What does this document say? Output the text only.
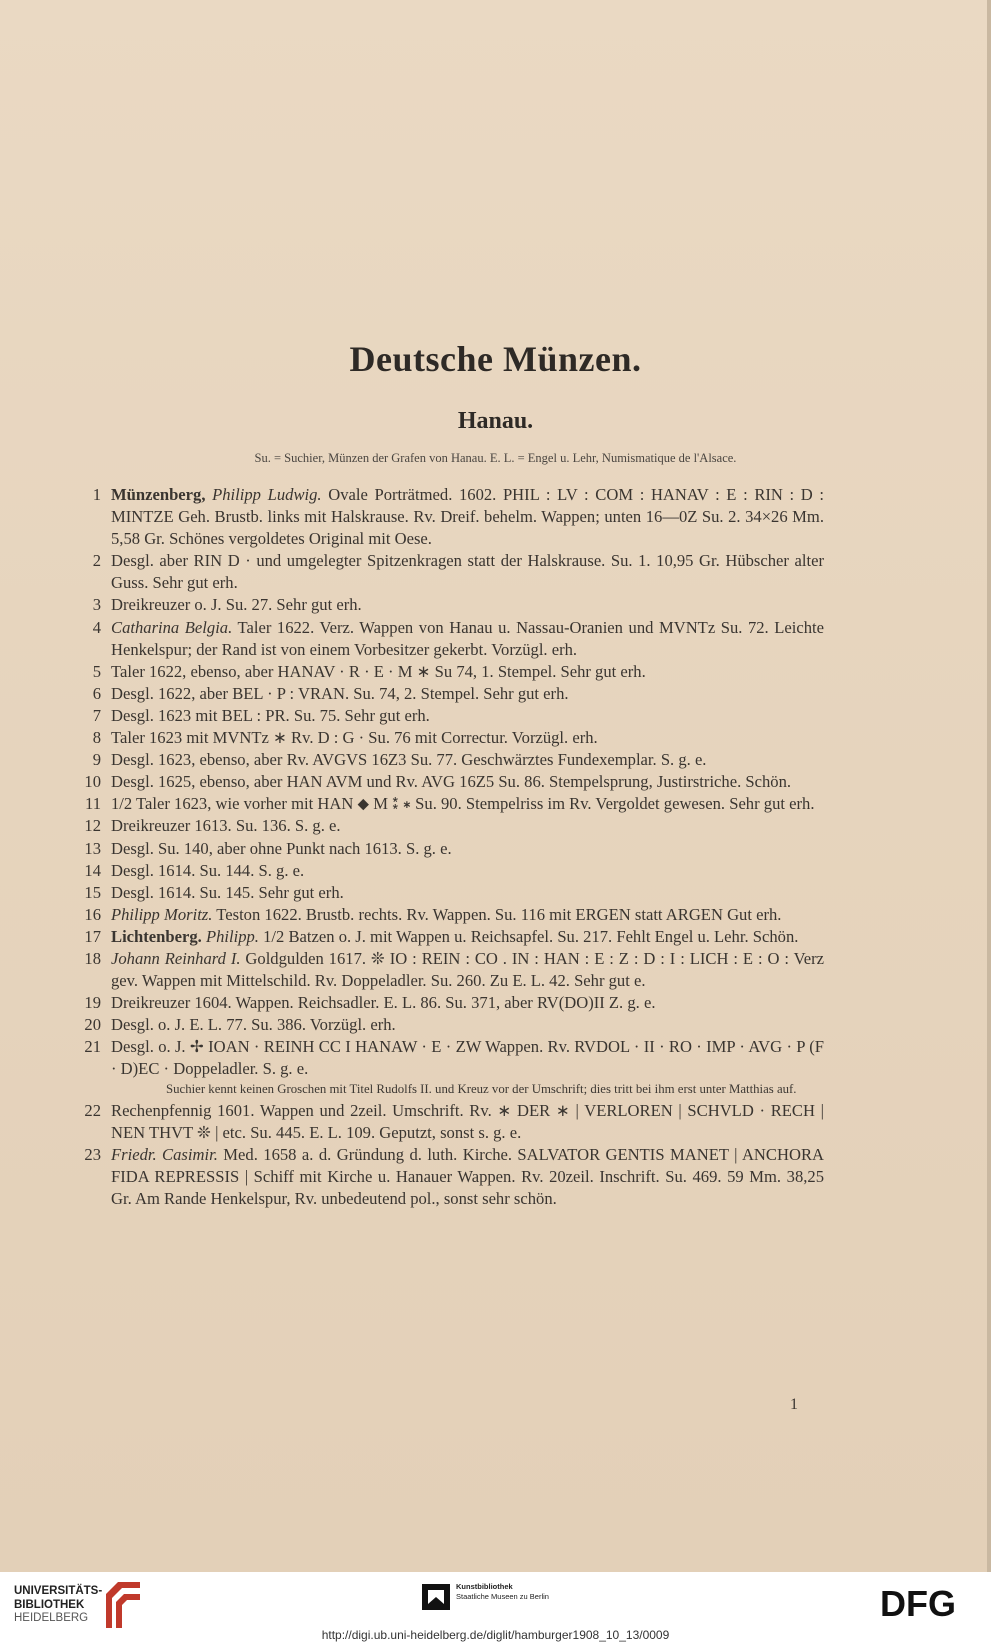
Deutsche Münzen.
Hanau.
Su. = Suchier, Münzen der Grafen von Hanau. E. L. = Engel u. Lehr, Numismatique de l'Alsace.
1 Münzenberg, Philipp Ludwig. Ovale Porträtmed. 1602. PHIL : LV : COM : HANAV : E : RIN : D : MINTZE Geh. Brustb. links mit Halskrause. Rv. Dreif. behelm. Wappen; unten 16—0Z Su. 2. 34×26 Mm. 5,58 Gr. Schönes vergoldetes Original mit Oese.
2 Desgl. aber RIN D · und umgelegter Spitzenkragen statt der Halskrause. Su. 1. 10,95 Gr. Hübscher alter Guss. Sehr gut erh.
3 Dreikreuzer o. J. Su. 27. Sehr gut erh.
4 Catharina Belgia. Taler 1622. Verz. Wappen von Hanau u. Nassau-Oranien und MVNTz Su. 72. Leichte Henkelspur; der Rand ist von einem Vorbesitzer gekerbt. Vorzügl. erh.
5 Taler 1622, ebenso, aber HANAV · R · E · M ∗ Su 74, 1. Stempel. Sehr gut erh.
6 Desgl. 1622, aber BEL · P : VRAN. Su. 74, 2. Stempel. Sehr gut erh.
7 Desgl. 1623 mit BEL : PR. Su. 75. Sehr gut erh.
8 Taler 1623 mit MVNTz ∗ Rv. D : G · Su. 76 mit Correctur. Vorzügl. erh.
9 Desgl. 1623, ebenso, aber Rv. AVGVS 16Z3 Su. 77. Geschwärztes Fundexemplar. S. g. e.
10 Desgl. 1625, ebenso, aber HAN AVM und Rv. AVG 16Z5 Su. 86. Stempelsprung, Justirstriche. Schön.
11 1/2 Taler 1623, wie vorher mit HAN ⬥ M ⁑ ∗ Su. 90. Stempelriss im Rv. Vergoldet gewesen. Sehr gut erh.
12 Dreikreuzer 1613. Su. 136. S. g. e.
13 Desgl. Su. 140, aber ohne Punkt nach 1613. S. g. e.
14 Desgl. 1614. Su. 144. S. g. e.
15 Desgl. 1614. Su. 145. Sehr gut erh.
16 Philipp Moritz. Teston 1622. Brustb. rechts. Rv. Wappen. Su. 116 mit ERGEN statt ARGEN Gut erh.
17 Lichtenberg. Philipp. 1/2 Batzen o. J. mit Wappen u. Reichsapfel. Su. 217. Fehlt Engel u. Lehr. Schön.
18 Johann Reinhard I. Goldgulden 1617. ❊ IO : REIN : CO . IN : HAN : E : Z : D : I : LICH : E : O : Verz gev. Wappen mit Mittelschild. Rv. Doppeladler. Su. 260. Zu E. L. 42. Sehr gut e.
19 Dreikreuzer 1604. Wappen. Reichsadler. E. L. 86. Su. 371, aber RV(DO)II Z. g. e.
20 Desgl. o. J. E. L. 77. Su. 386. Vorzügl. erh.
21 Desgl. o. J. ✢ IOAN · REINH CC I HANAW · E · ZW Wappen. Rv. RVDOL · II · RO · IMP · AVG · P (F · D)EC · Doppeladler. S. g. e.
Suchier kennt keinen Groschen mit Titel Rudolfs II. und Kreuz vor der Umschrift; dies tritt bei ihm erst unter Matthias auf.
22 Rechenpfennig 1601. Wappen und 2zeil. Umschrift. Rv. ∗ DER ∗ | VERLOREN | SCHVLD · RECH | NEN THVT ❊ | etc. Su. 445. E. L. 109. Geputzt, sonst s. g. e.
23 Friedr. Casimir. Med. 1658 a. d. Gründung d. luth. Kirche. SALVATOR GENTIS MANET | ANCHORA FIDA REPRESSIS | Schiff mit Kirche u. Hanauer Wappen. Rv. 20zeil. Inschrift. Su. 469. 59 Mm. 38,25 Gr. Am Rande Henkelspur, Rv. unbedeutend pol., sonst sehr schön.
1
UNIVERSITÄTS-
BIBLIOTHEK
HEIDELBERG
Kunstbibliothek
Staatliche Museen zu Berlin	DFG
http://digi.ub.uni-heidelberg.de/diglit/hamburger1908_10_13/0009
